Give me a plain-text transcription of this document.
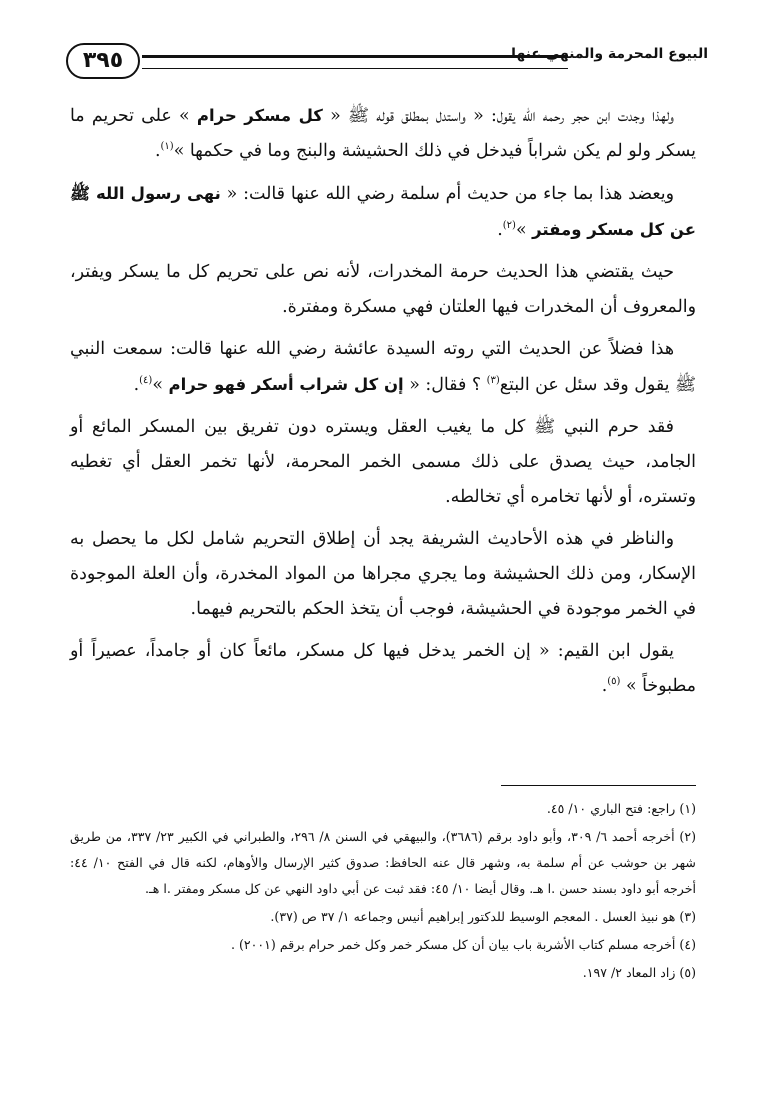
البيوع المحرمة والمنهي عنها
٣٩٥

ولهذا وجدت ابن حجر رحمه الله يقول: « واستدل بمطلق قوله ﷺ « كل مسكر حرام » على تحريم ما يسكر ولو لم يكن شراباً فيدخل في ذلك الحشيشة والبنج وما في حكمها »$^{(١)}$.

ويعضد هذا بما جاء من حديث أم سلمة رضي الله عنها قالت: « نهى رسول الله ﷺ عن كل مسكر ومفتر »$^{(٢)}$.

حيث يقتضي هذا الحديث حرمة المخدرات، لأنه نص على تحريم كل ما يسكر ويفتر، والمعروف أن المخدرات فيها العلتان فهي مسكرة ومفترة.

هذا فضلاً عن الحديث التي روته السيدة عائشة رضي الله عنها قالت: سمعت النبي ﷺ يقول وقد سئل عن البتع$^{(٣)}$ ؟ فقال: « إن كل شراب أسكر فهو حرام »$^{(٤)}$.

فقد حرم النبي ﷺ كل ما يغيب العقل ويستره دون تفريق بين المسكر المائع أو الجامد، حيث يصدق على ذلك مسمى الخمر المحرمة، لأنها تخمر العقل أي تغطيه وتستره، أو لأنها تخامره أي تخالطه.

والناظر في هذه الأحاديث الشريفة يجد أن إطلاق التحريم شامل لكل ما يحصل به الإسكار، ومن ذلك الحشيشة وما يجري مجراها من المواد المخدرة، وأن العلة الموجودة في الخمر موجودة في الحشيشة، فوجب أن يتخذ الحكم بالتحريم فيهما.

يقول ابن القيم: « إن الخمر يدخل فيها كل مسكر، مائعاً كان أو جامداً، عصيراً أو مطبوخاً » $^{(٥)}$.

(١) راجع: فتح الباري ١٠/ ٤٥.

(٢) أخرجه أحمد ٦/ ٣٠٩، وأبو داود برقم (٣٦٨٦)، والبيهقي في السنن ٨/ ٢٩٦، والطبراني في الكبير ٢٣/ ٣٣٧، من طريق شهر بن حوشب عن أم سلمة به، وشهر قال عنه الحافظ: صدوق كثير الإرسال والأوهام، لكنه قال في الفتح ١٠/ ٤٤: أخرجه أبو داود بسند حسن .ا هـ. وقال أيضا ١٠/ ٤٥: فقد ثبت عن أبي داود النهي عن كل مسكر ومفتر .ا هـ.

(٣) هو نبيذ العسل . المعجم الوسيط للدكتور إبراهيم أنيس وجماعه ١/ ٣٧ ص (٣٧).

(٤) أخرجه مسلم كتاب الأشربة باب بيان أن كل مسكر خمر وكل خمر حرام برقم (٢٠٠١) .

(٥) زاد المعاد ٢/ ١٩٧.
